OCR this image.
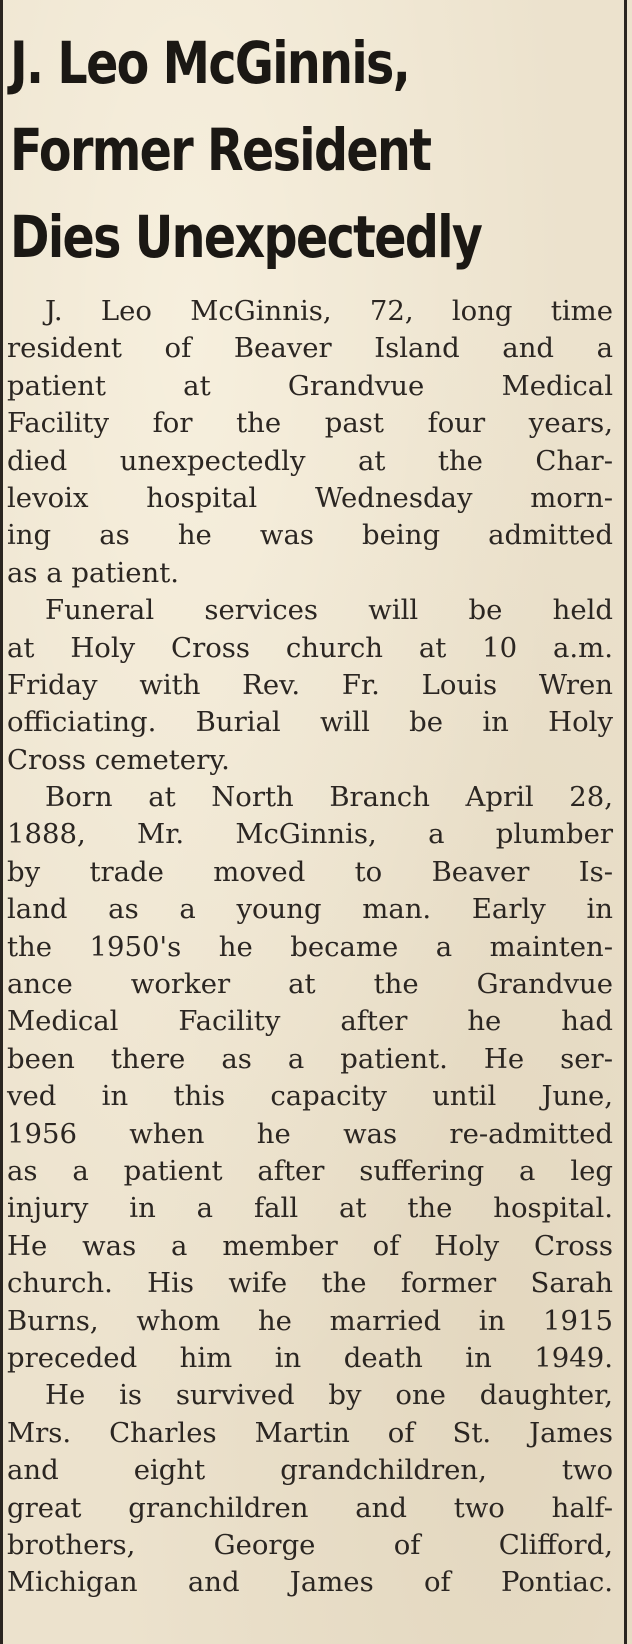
J. Leo McGinnis,
Former Resident
Dies Unexpectedly
J. Leo McGinnis, 72, long time
resident of Beaver Island and a
patient at Grandvue Medical
Facility for the past four years,
died unexpectedly at the Char-
levoix hospital Wednesday morn-
ing as he was being admitted
as a patient.
Funeral services will be held
at Holy Cross church at 10 a.m.
Friday with Rev. Fr. Louis Wren
officiating. Burial will be in Holy
Cross cemetery.
Born at North Branch April 28,
1888, Mr. McGinnis, a plumber
by trade moved to Beaver Is-
land as a young man. Early in
the 1950's he became a mainten-
ance worker at the Grandvue
Medical Facility after he had
been there as a patient. He ser-
ved in this capacity until June,
1956 when he was re-admitted
as a patient after suffering a leg
injury in a fall at the hospital.
He was a member of Holy Cross
church. His wife the former Sarah
Burns, whom he married in 1915
preceded him in death in 1949.
He is survived by one daughter,
Mrs. Charles Martin of St. James
and eight grandchildren, two
great granchildren and two half-
brothers, George of Clifford,
Michigan and James of Pontiac.
